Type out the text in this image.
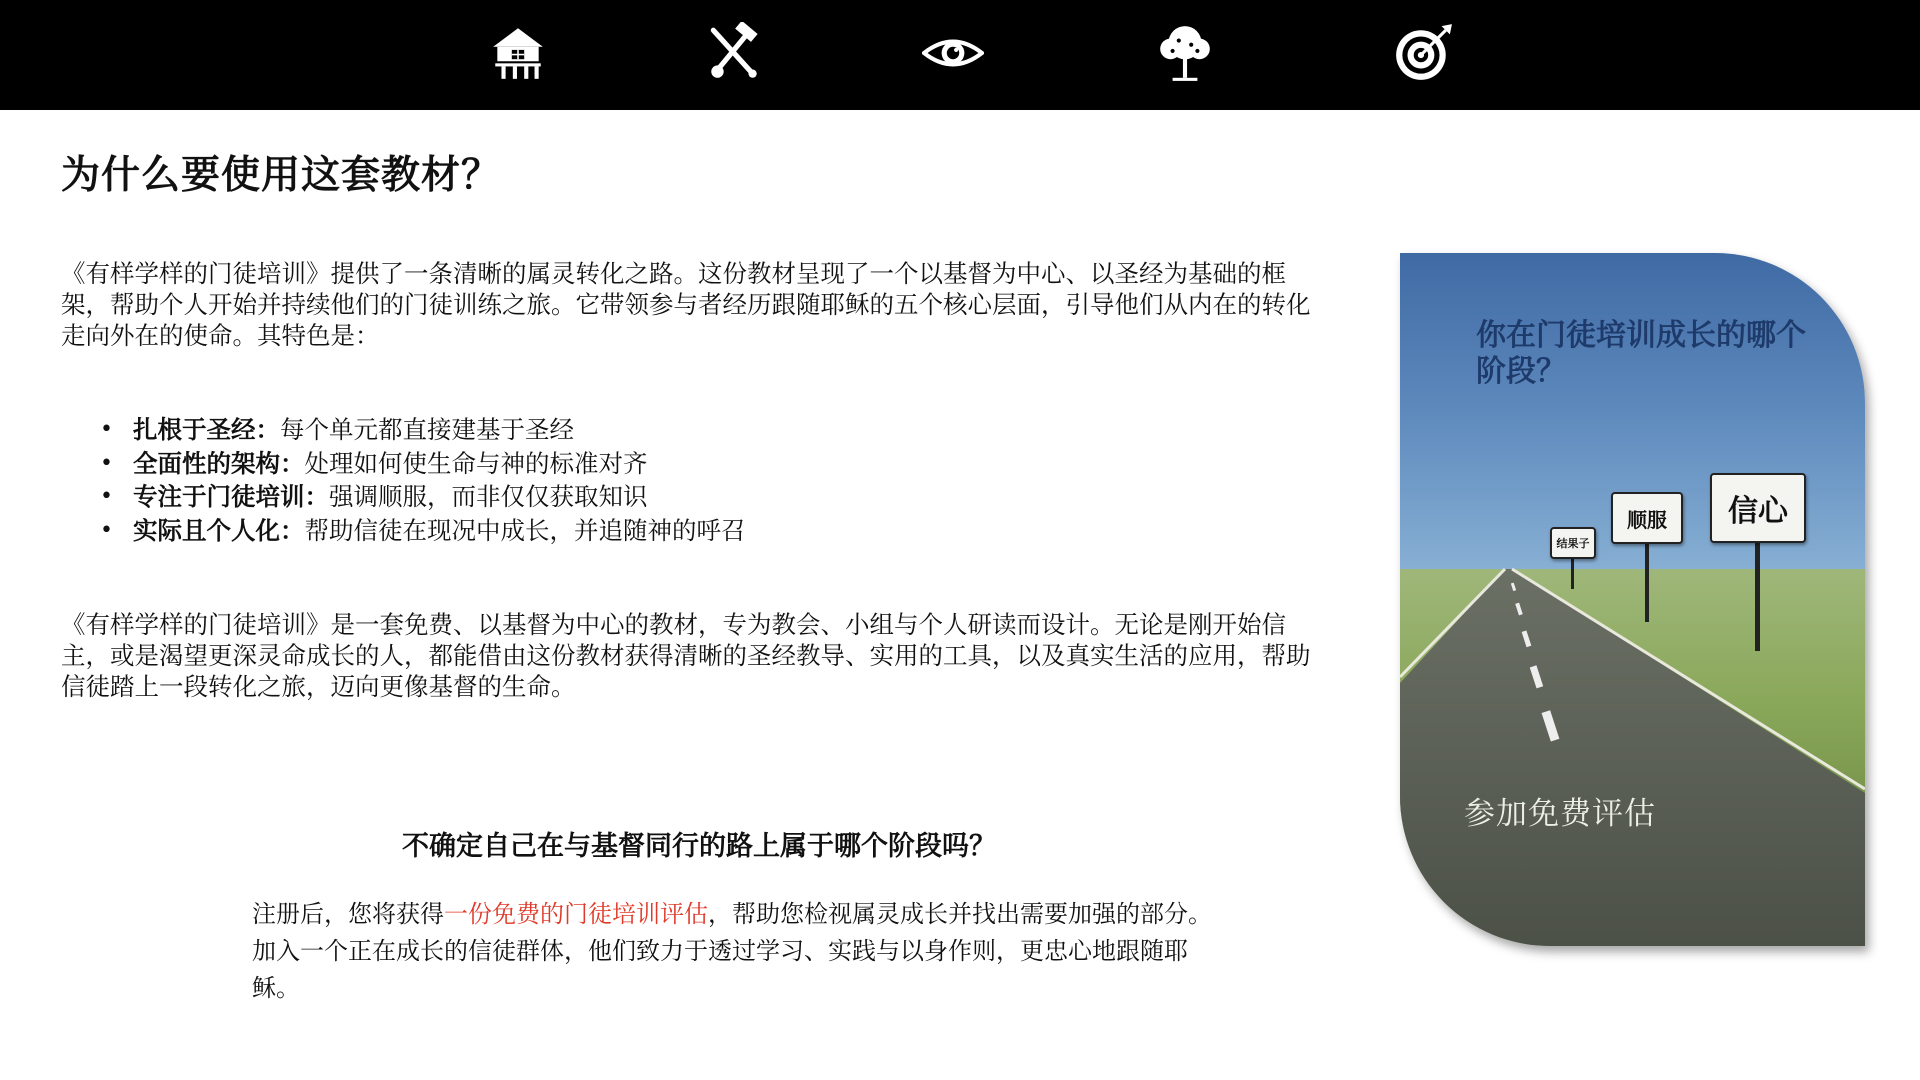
为什么要使用这套教材？

《有样学样的门徒培训》提供了一条清晰的属灵转化之路。这份教材呈现了一个以基督为中心、以圣经为基础的框架，帮助个人开始并持续他们的门徒训练之旅。它带领参与者经历跟随耶稣的五个核心层面，引导他们从内在的转化走向外在的使命。其特色是：

• 扎根于圣经：每个单元都直接建基于圣经
• 全面性的架构：处理如何使生命与神的标准对齐
• 专注于门徒培训：强调顺服，而非仅仅获取知识
• 实际且个人化：帮助信徒在现况中成长，并追随神的呼召

《有样学样的门徒培训》是一套免费、以基督为中心的教材，专为教会、小组与个人研读而设计。无论是刚开始信主，或是渴望更深灵命成长的人，都能借由这份教材获得清晰的圣经教导、实用的工具，以及真实生活的应用，帮助信徒踏上一段转化之旅，迈向更像基督的生命。

不确定自己在与基督同行的路上属于哪个阶段吗？

注册后，您将获得一份免费的门徒培训评估，帮助您检视属灵成长并找出需要加强的部分。加入一个正在成长的信徒群体，他们致力于透过学习、实践与以身作则，更忠心地跟随耶稣。

你在门徒培训成长的哪个阶段？
结果子
顺服	信心
参加免费评估
